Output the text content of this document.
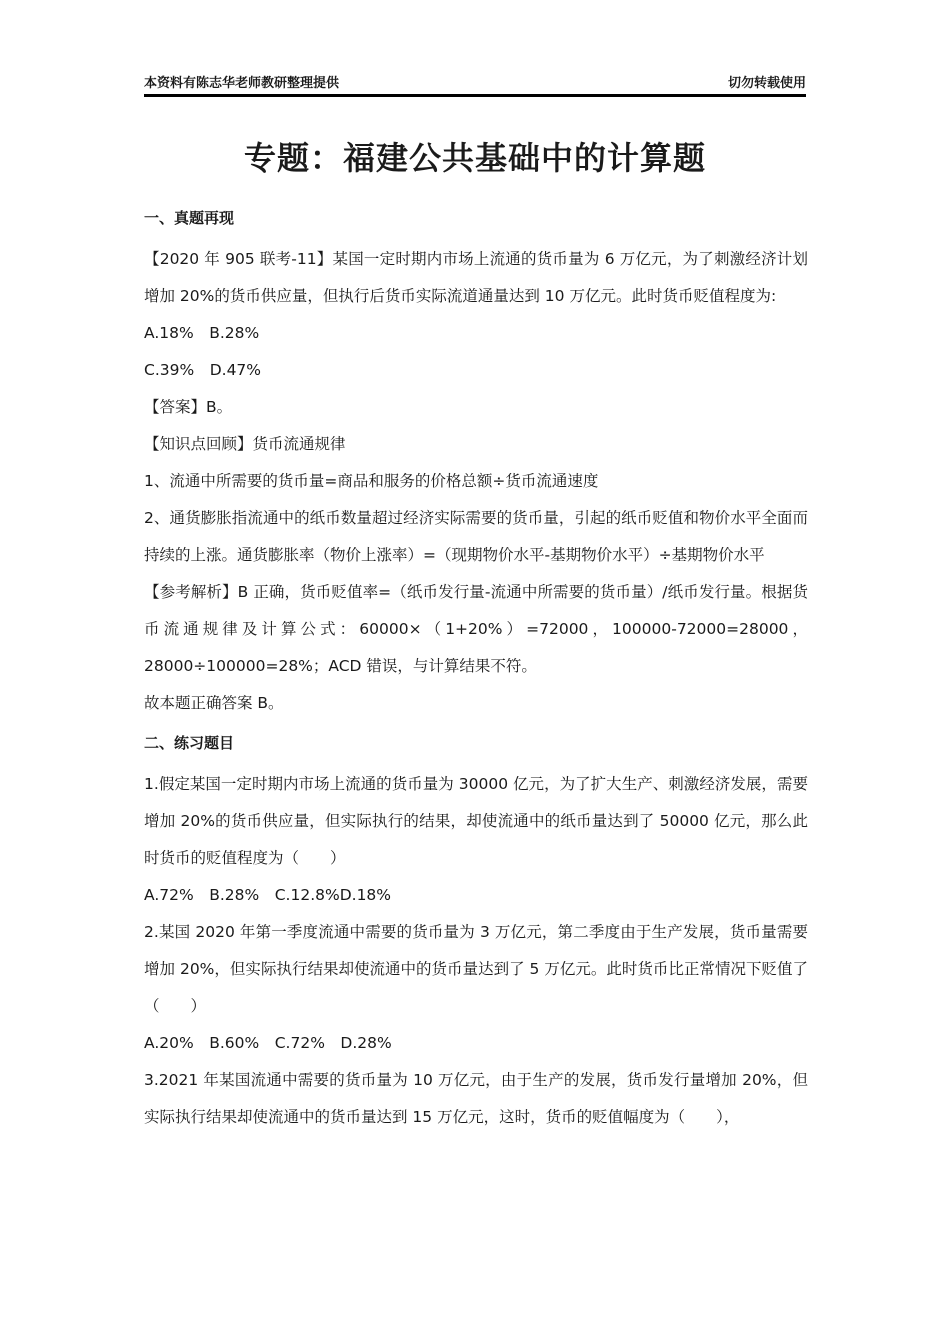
本资料有陈志华老师教研整理提供	切勿转载使用
专题：福建公共基础中的计算题

一、真题再现

【2020 年 905 联考-11】某国一定时期内市场上流通的货币量为 6 万亿元，为了刺激经济计划增加 20%的货币供应量，但执行后货币实际流道通量达到 10 万亿元。此时货币贬值程度为:

A.18%　B.28%

C.39%　D.47%

【答案】B。

【知识点回顾】货币流通规律

1、流通中所需要的货币量=商品和服务的价格总额÷货币流通速度

2、通货膨胀指流通中的纸币数量超过经济实际需要的货币量，引起的纸币贬值和物价水平全面而持续的上涨。通货膨胀率（物价上涨率）=（现期物价水平-基期物价水平）÷基期物价水平

【参考解析】B 正确，货币贬值率=（纸币发行量-流通中所需要的货币量）/纸币发行量。根据货币流通规律及计算公式：60000×（1+20%）=72000，100000-72000=28000，28000÷100000=28%；ACD 错误，与计算结果不符。

故本题正确答案 B。

二、练习题目

1.假定某国一定时期内市场上流通的货币量为 30000 亿元，为了扩大生产、刺激经济发展，需要增加 20%的货币供应量，但实际执行的结果，却使流通中的纸币量达到了 50000 亿元，那么此时货币的贬值程度为（　　）

A.72%　B.28%　C.12.8%D.18%

2.某国 2020 年第一季度流通中需要的货币量为 3 万亿元，第二季度由于生产发展，货币量需要增加 20%，但实际执行结果却使流通中的货币量达到了 5 万亿元。此时货币比正常情况下贬值了（　　）

A.20%　B.60%　C.72%　D.28%

3.2021 年某国流通中需要的货币量为 10 万亿元，由于生产的发展，货币发行量增加 20%，但实际执行结果却使流通中的货币量达到 15 万亿元，这时，货币的贬值幅度为（　　），
